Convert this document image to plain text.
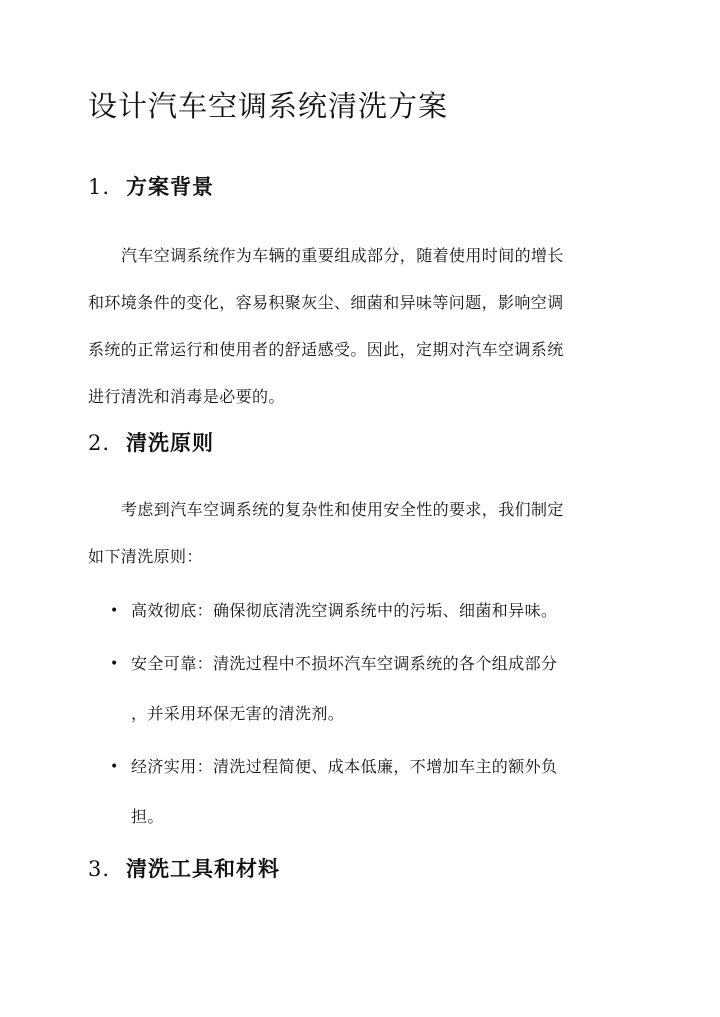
设计汽车空调系统清洗方案
1. 方案背景

汽车空调系统作为车辆的重要组成部分，随着使用时间的增长
和环境条件的变化，容易积聚灰尘、细菌和异味等问题，影响空调
系统的正常运行和使用者的舒适感受。因此，定期对汽车空调系统
进行清洗和消毒是必要的。

2. 清洗原则

考虑到汽车空调系统的复杂性和使用安全性的要求，我们制定
如下清洗原则：

• 高效彻底：确保彻底清洗空调系统中的污垢、细菌和异味。
• 安全可靠：清洗过程中不损坏汽车空调系统的各个组成部分
，并采用环保无害的清洗剂。
• 经济实用：清洗过程简便、成本低廉，不增加车主的额外负
担。
3. 清洗工具和材料
